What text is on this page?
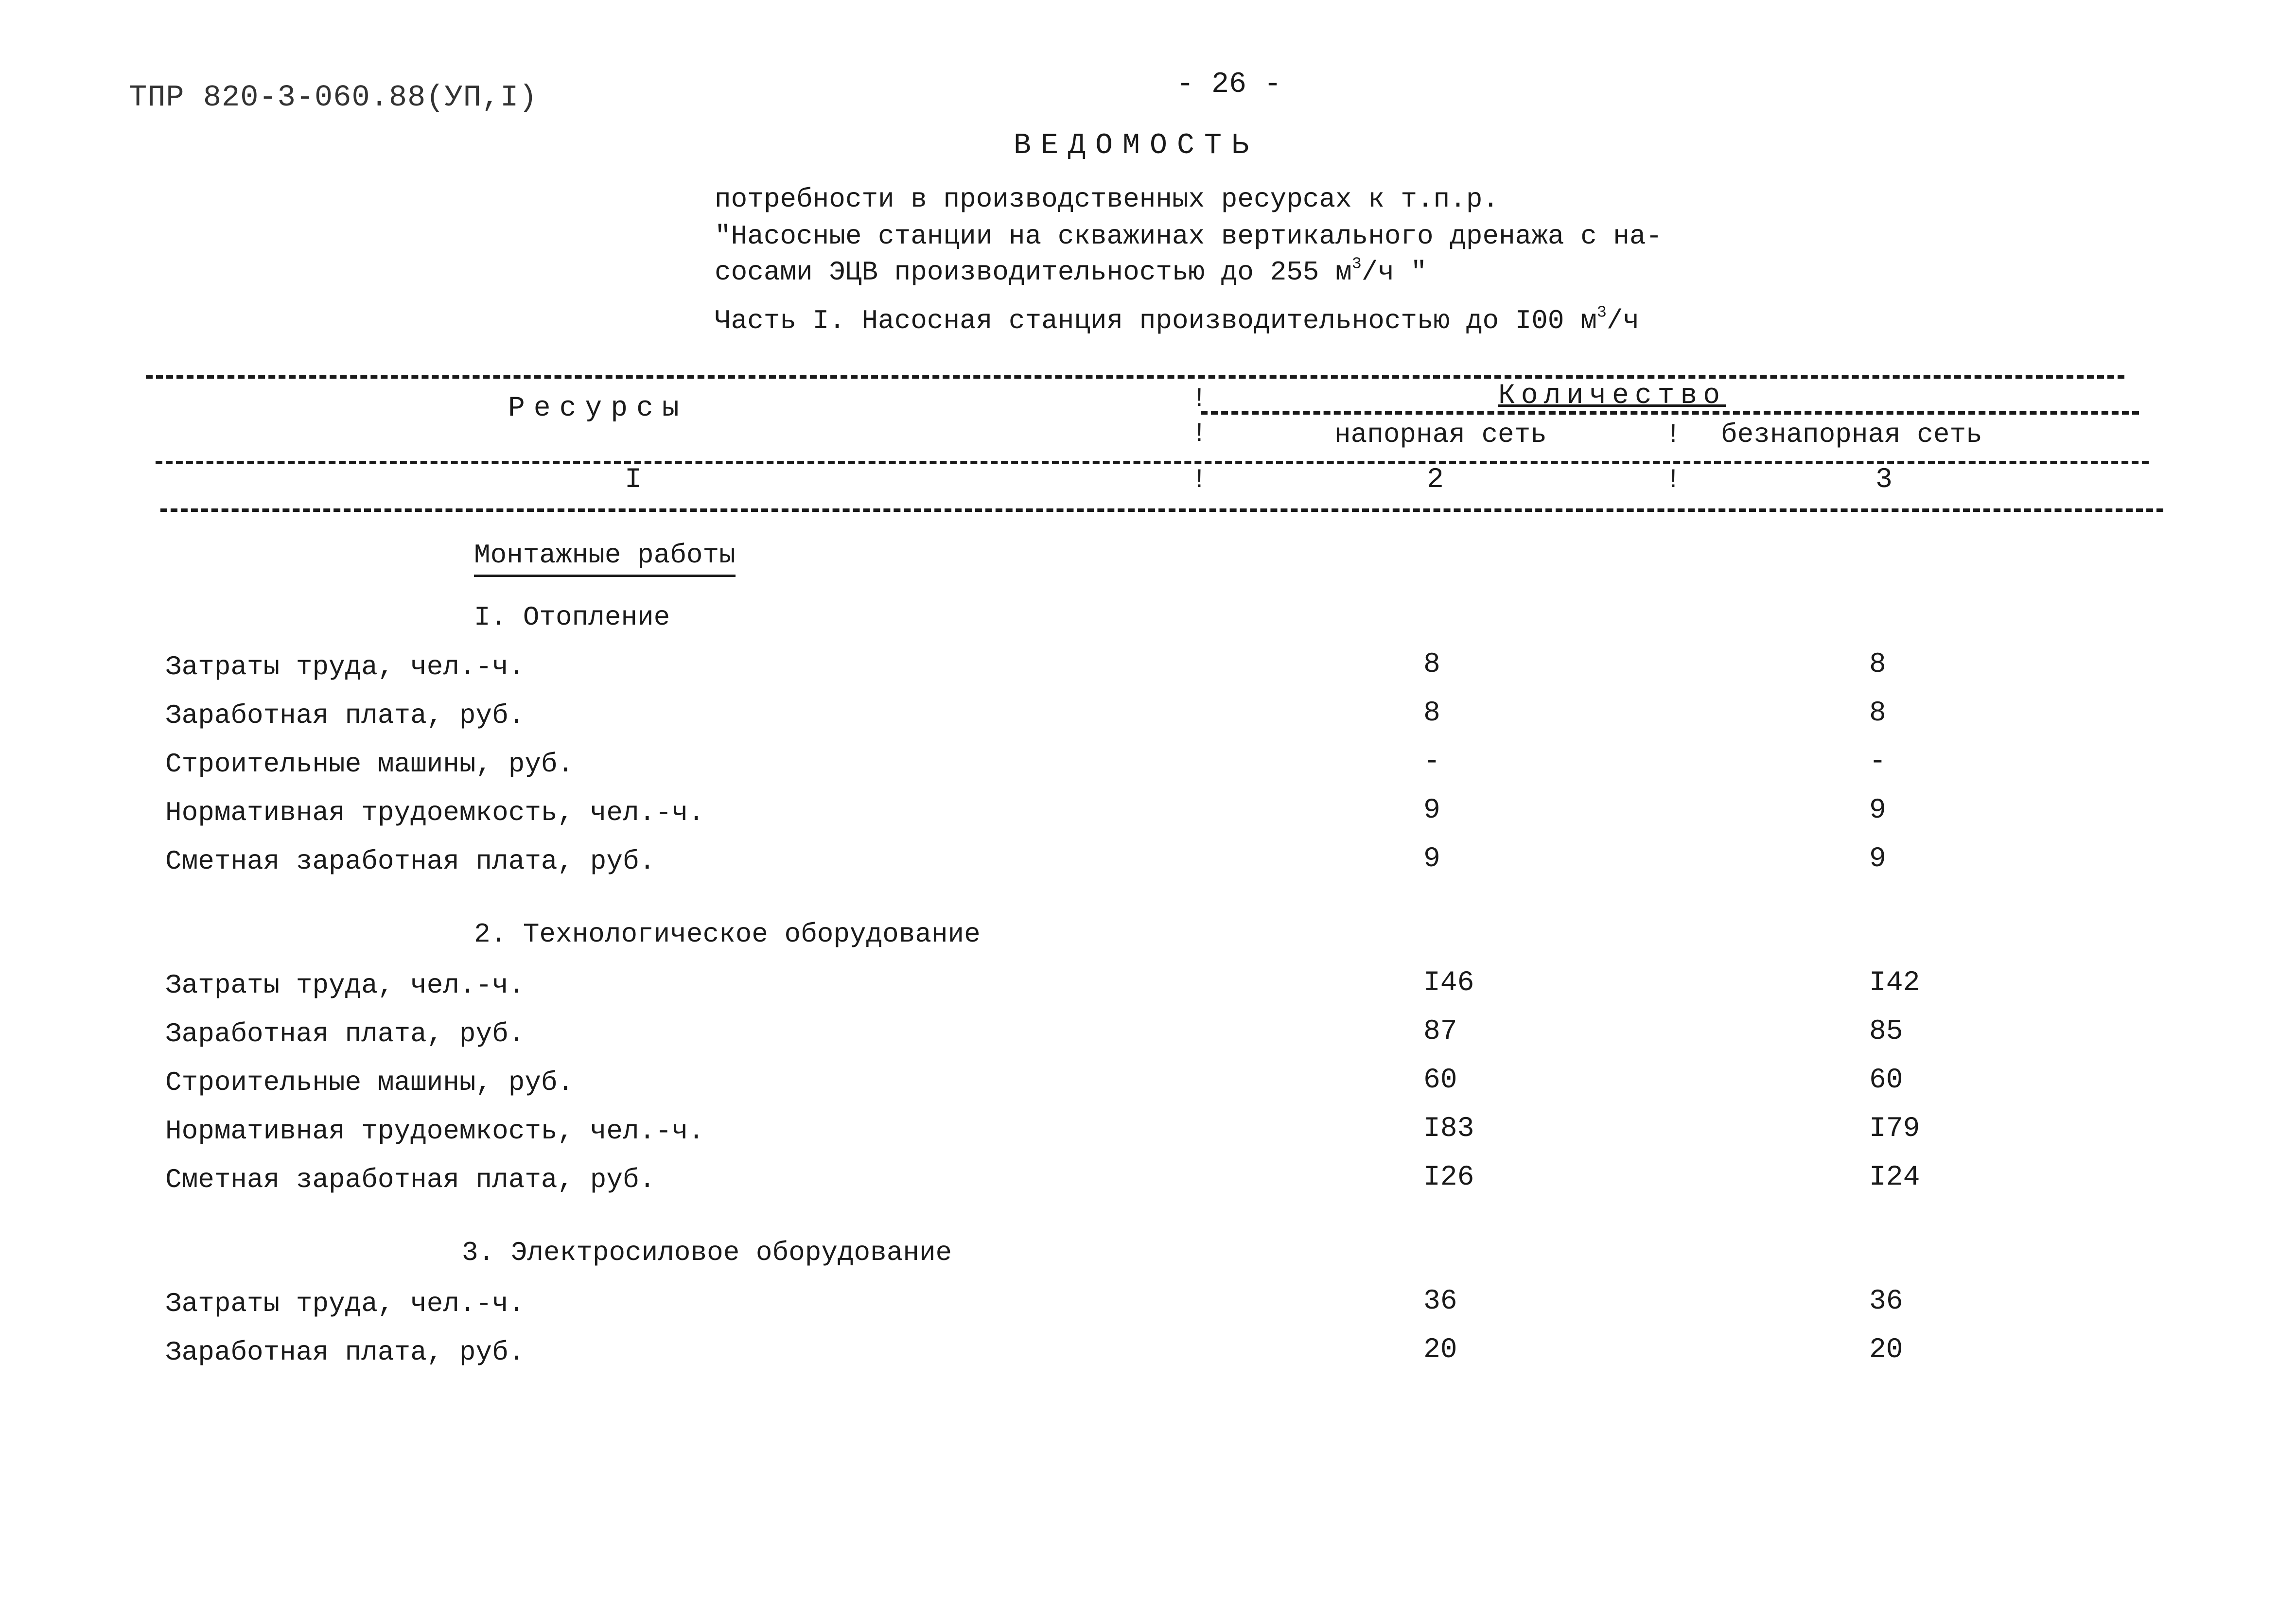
ТПР 820-3-060.88(УП,I)	- 26 -
ВЕДОМОСТЬ
потребности в производственных ресурсах к т.п.р.
"Насосные станции на скважинах вертикального дренажа с на-
сосами ЭЦВ производительностью до 255 $м^3/ч$ "
Часть I. Насосная станция производительностью до I00 $м^3/ч$
!
!	!
!	!
Ресурсы	Количество
напорная сеть	безнапорная сеть
I	2	3
Монтажные работы
I. Отопление
Затраты труда, чел.-ч.	8	8
Заработная плата, руб.	8	8
Строительные машины, руб.	-	-
Нормативная трудоемкость, чел.-ч.	9	9
Сметная заработная плата, руб.	9	9
2. Технологическое оборудование
Затраты труда, чел.-ч.	I46	I42
Заработная плата, руб.	87	85
Строительные машины, руб.	60	60
Нормативная трудоемкость, чел.-ч.	I83	I79
Сметная заработная плата, руб.	I26	I24
3. Электросиловое оборудование
Затраты труда, чел.-ч.	36	36
Заработная плата, руб.	20	20
